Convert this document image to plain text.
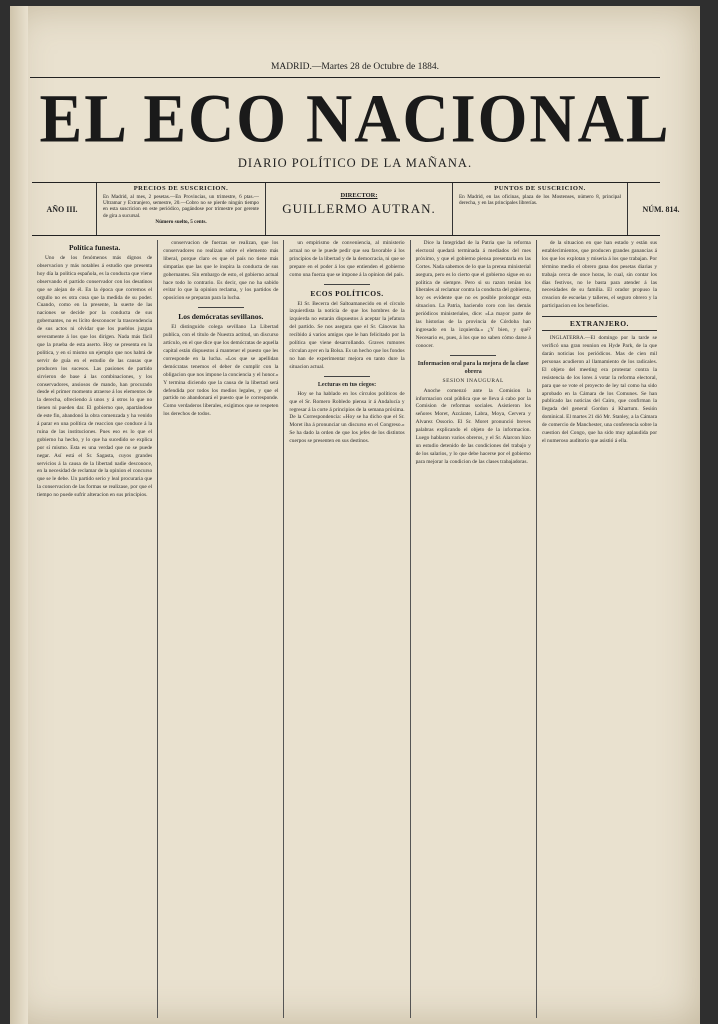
MADRID.—Martes 28 de Octubre de 1884.
EL ECO NACIONAL
DIARIO POLÍTICO DE LA MAÑANA.
AÑO III.
PRECIOS DE SUSCRICION.
En Madrid, al mes, 2 pesetas.—En Provincias, un trimestre, 6 ptas.—Ultramar y Extranjero, semestre, 20.—Cobro no se pierde ningún tiempo en esta suscricion en este periódico, pagándose por trimestre por gerente de gira a sucursal.
Número suelto, 5 cents.
DIRECTOR:
GUILLERMO AUTRAN.
PUNTOS DE SUSCRICION.
En Madrid, en las oficinas, plaza de los Mostenses, número 8, principal derecha, y en las principales librerías.
NÚM. 814.
Política funesta.

Uno de los fenómenos más dignos de observacion y más notables á estudio que presenta hoy día la política española, es la conducta que viene observando el partido conservador con los desatinos que se alejan de él. En la época que corremos el orgullo no es otra cosa que la medida de su poder. Cuando, como en la presente, la suerte de las naciones se decide por la conducta de sus gobernantes, no es lícito desconocer la trascendencia de sus actos ni olvidar que los pueblos juzgan severamente á los que los dirigen. Nada más fácil que la prueba de esta aserto. Hoy se presenta en la política, y en sí mismo un ejemplo que nos habrá de servir de guía en el estudio de las causas que producen los sucesos. Las pasiones de partido sirvieron de base á las combinaciones, y los conservadores, ansiosos de mando, han procurado desde el primer momento atraerse á los elementos de la derecha, ofreciendo á unos y á otros lo que no tienen ni pueden dar. El gobierno que, apartándose de este fin, abandonó la obra comenzada y ha venido á parar en una política de reaccion que conduce á la ruina de las instituciones. Pues eso es lo que el gobierno ha hecho, y lo que ha sucedido se explica por sí mismo. Esta es una verdad que no se puede negar. Así está el Sr. Sagasta, cuyos grandes servicios á la causa de la libertad nadie desconoce, en la necesidad de reclamar de la opinion el concurso que se le debe. Un partido serio y leal procuraria que la conservacion de las formas se realizase, por que el tiempo no puede sufrir alteracion en sus principios.

conservacion de fuerzas se realizan, que los conservadores no realizan sobre el elemento más liberal, porque claro es que el país no tiene más simpatías que las que le inspira la conducta de sus gobernantes. Sin embargo de esto, el gobierno actual hace todo lo contrario. Es decir, que no ha sabido evitar lo que la opinion reclama, y los partidos de oposicion se preparan para la lucha.

Los demócratas sevillanos.

El distinguido colega sevillano La Libertad publica, con el título de Nuestra actitud, un discurso artículo, en el que dice que los demócratas de aquella capital están dispuestos á mantener el puesto que les corresponde en la lucha. «Los que se apellidan demócratas tenemos el deber de cumplir con la obligacion que nos impone la conciencia y el honor.» Y termina diciendo que la causa de la libertad será defendida por todos los medios legales, y que el partido no abandonará el puesto que le corresponde. Como verdaderos liberales, exigimos que se respeten los derechos de todos.

un empirismo de conveniencia, al ministerio actual no se le puede pedir que sea favorable á los principios de la libertad y de la democracia, ni que se prepare en el poder á los que entienden el gobierno como una fuerza que se impone á la opinion del país.

ECOS POLÍTICOS.

El Sr. Becerra del Saltoamanecido en el círculo izquierdista la noticia de que los hombres de la izquierda no estarán dispuestos á aceptar la jefatura del partido. Se nos asegura que el Sr. Cánovas ha recibido á varios amigos que le han felicitado por la política que viene desarrollando. Graves rumores circulan ayer en la Bolsa. Es un hecho que los fondos no han de experimentar mejora en tanto dure la situacion actual.

Lecturas en tus ciegos:

Hoy se ha hablado en los círculos políticos de que el Sr. Romero Robledo piensa ir á Andalucía y regresar á la corte á principios de la semana próxima. De la Correspondencia: «Hoy se ha dicho que el Sr. Moret iba á pronunciar un discurso en el Congreso.» Se ha dado la orden de que los jefes de los distintos cuerpos se presenten en sus destinos.

Dice la Integridad de la Patria que la reforma electoral quedará terminada á mediados del mes próximo, y que el gobierno piensa presentarla en las Cortes. Nada sabemos de lo que la prensa ministerial asegura, pero es lo cierto que el gobierno sigue en su política de siempre. Pero si su razon tenían los liberales al reclamar contra la conducta del gobierno, hoy es evidente que no es posible prolongar esta situacion. La Patria, haciendo coro con los demás periódicos ministeriales, dice: «La mayor parte de las historias de la provincia de Córdoba han ingresado en la izquierda.» ¿Y bien, y qué? Necesario es, pues, á los que no saben cómo darse á conocer.

Informacion oral para la mejora de la clase obrera
SESION INAUGURAL

Anoche comenzó ante la Comision la informacion oral pública que se lleva á cabo por la Comision de reformas sociales. Asistieron los señores Moret, Azcárate, Labra, Moya, Cervera y Alvarez Ossorio. El Sr. Moret pronunció breves palabras explicando el objeto de la informacion. Luego hablaron varios obreros, y el Sr. Alarcon hizo un estudio detenido de las condiciones del trabajo y de los salarios, y lo que debe hacerse por el gobierno para mejorar la condicion de las clases trabajadoras.

de la situacion en que han estado y están sus establecimientos, que producen grandes ganancias á los que los explotan y miseria á los que trabajan. Por término medio el obrero gana dos pesetas diarias y trabaja cerca de once horas, lo cual, sin contar los días festivos, no le basta para atender á las necesidades de su familia. El orador propuso la creacion de escuelas y talleres, el seguro obrero y la participacion en los beneficios.

EXTRANJERO.

INGLATERRA.—El domingo por la tarde se verificó una gran reunion en Hyde Park, de la que darán noticias los periódicos. Mas de cien mil personas acudieron al llamamiento de los radicales. El objeto del meeting era protestar contra la resistencia de los lores á votar la reforma electoral, para que se vote el proyecto de ley tal como ha sido aprobado en la Cámara de los Comunes. Se han publicado las noticias del Cairo, que confirman la llegada del general Gordon á Khartum. Sesión dominical. El martes 21 dió Mr. Stanley, a la Cámara de comercio de Manchester, una conferencia sobre la cuestion del Congo, que ha sido muy aplaudida por el numeroso auditorio que asistió á ella.
